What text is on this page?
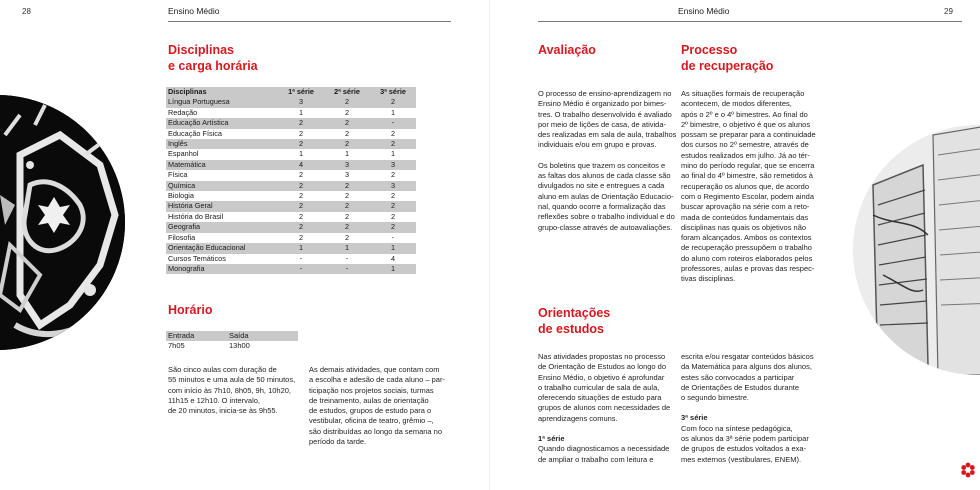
28	Ensino Médio
Disciplinas
e carga horária
Disciplinas	1ª série	2ª série	3ª série
Língua Portuguesa	3	2	2
Redação	1	2	1
Educação Artística	2	2	-
Educação Física	2	2	2
Inglês	2	2	2
Espanhol	1	1	1
Matemática	4	3	3
Física	2	3	2
Química	2	2	3
Biologia	2	2	2
História Geral	2	2	2
História do Brasil	2	2	2
Geografia	2	2	2
Filosofia	2	2	-
Orientação Educacional	1	1	1
Cursos Temáticos	-	-	4
Monografia	-	-	1
Horário
Entrada	Saída
7h05	13h00
São cinco aulas com duração de
55 minutos e uma aula de 50 minutos,
com início às 7h10, 8h05, 9h, 10h20,
11h15 e 12h10. O intervalo,
de 20 minutos, inicia-se às 9h55.
As demais atividades, que contam com
a escolha e adesão de cada aluno – par-
ticipação nos projetos sociais, turmas
de treinamento, aulas de orientação
de estudos, grupos de estudo para o
vestibular, oficina de teatro, grêmio –,
são distribuídas ao longo da semana no
período da tarde.
Ensino Médio	29
Avaliação
O processo de ensino-aprendizagem no
Ensino Médio é organizado por bimes-
tres. O trabalho desenvolvido é avaliado
por meio de lições de casa, de ativida-
des realizadas em sala de aula, trabalhos
individuais e/ou em grupo e provas.
Os boletins que trazem os conceitos e
as faltas dos alunos de cada classe são
divulgados no site e entregues a cada
aluno em aulas de Orientação Educacio-
nal, quando ocorre a formalização das
reflexões sobre o trabalho individual e do
grupo-classe através de autoavaliações.
Processo
de recuperação
As situações formais de recuperação
acontecem, de modos diferentes,
após o 2º e o 4º bimestres. Ao final do
2º bimestre, o objetivo é que os alunos
possam se preparar para a continuidade
dos cursos no 2º semestre, através de
estudos realizados em julho. Já ao tér-
mino do período regular, que se encerra
ao final do 4º bimestre, são remetidos à
recuperação os alunos que, de acordo
com o Regimento Escolar, podem ainda
buscar aprovação na série com a reto-
mada de conteúdos fundamentais das
disciplinas nas quais os objetivos não
foram alcançados. Ambos os contextos
de recuperação pressupõem o trabalho
do aluno com roteiros elaborados pelos
professores, aulas e provas das respec-
tivas disciplinas.
Orientações
de estudos
Nas atividades propostas no processo
de Orientação de Estudos ao longo do
Ensino Médio, o objetivo é aprofundar
o trabalho curricular de sala de aula,
oferecendo situações de estudo para
grupos de alunos com necessidades de
aprendizagens comuns.
1ª série
Quando diagnosticamos a necessidade
de ampliar o trabalho com leitura e
escrita e/ou resgatar conteúdos básicos
da Matemática para alguns dos alunos,
estes são convocados a participar
de Orientações de Estudos durante
o segundo bimestre.
3ª série
Com foco na síntese pedagógica,
os alunos da 3ª série podem participar
de grupos de estudos voltados a exa-
mes externos (vestibulares, ENEM).
